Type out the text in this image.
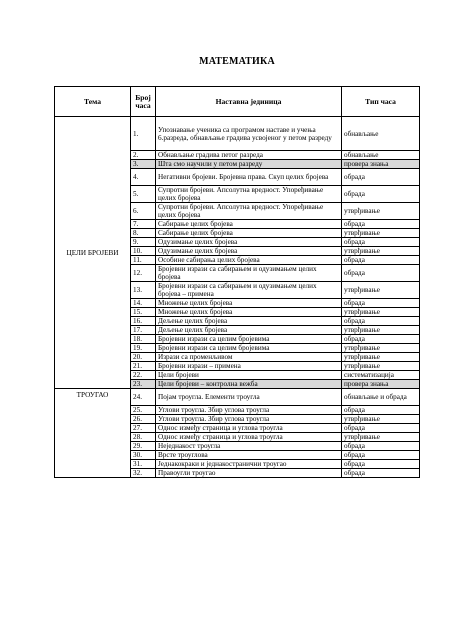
МАТЕМАТИКА
Тема	Број часа	Наставна јединица	Тип часа
ЦЕЛИ БРОЈЕВИ	1.	Упознавање ученика са програмом наставе и учења 6.разреда, обнављање градива усвојеног у петом разреду	обнављање
	2.	Обнављање градива петог разреда	обнављање
	3.	Шта смо научили у петом разреду	провера знања
	4.	Негативни бројеви. Бројевна права. Скуп целих бројева	обрада
	5.	Супротни бројеви. Апсолутна вредност. Упоређивање целих бројева	обрада
	6.	Супротни бројеви. Апсолутна вредност. Упоређивање целих бројева	утврђивање
	7.	Сабирање целих бројева	обрада
	8.	Сабирање целих бројева	утврђивање
	9.	Одузимање целих бројева	обрада
	10.	Одузимање целих бројева	утврђивање
	11.	Особине сабирања целих бројева	обрада
	12.	Бројевни изрази са сабирањем и одузимањем целих бројева	обрада
	13.	Бројевни изрази са сабирањем и одузимањем целих бројева – примена	утврђивање
	14.	Множење целих бројева	обрада
	15.	Множење целих бројева	утврђивање
	16.	Дељење целих бројева	обрада
	17.	Дељење целих бројева	утврђивање
	18.	Бројевни изрази са целим бројевима	обрада
	19.	Бројевни изрази са целим бројевима	утврђивање
	20.	Изрази са променљивом	утврђивање
	21.	Бројевни изрази – примена	утврђивање
	22.	Цели бројеви	систематизација
	23.	Цели бројеви – контролна вежба	провера знања
ТРОУГАО	24.	Појам троугла. Елементи троугла	обнављање и обрада
	25.	Углови троугла. Збир углова троугла	обрада
	26.	Углови троугла. Збир углова троугла	утврђивање
	27.	Однос између страница и углова троугла	обрада
	28.	Однос између страница и углова троугла	утврђивање
	29.	Неједнакост троугла	обрада
	30.	Врсте троуглова	обрада
	31.	Једнакокраки и једнакостранични троугао	обрада
	32.	Правоугли троугао	обрада
